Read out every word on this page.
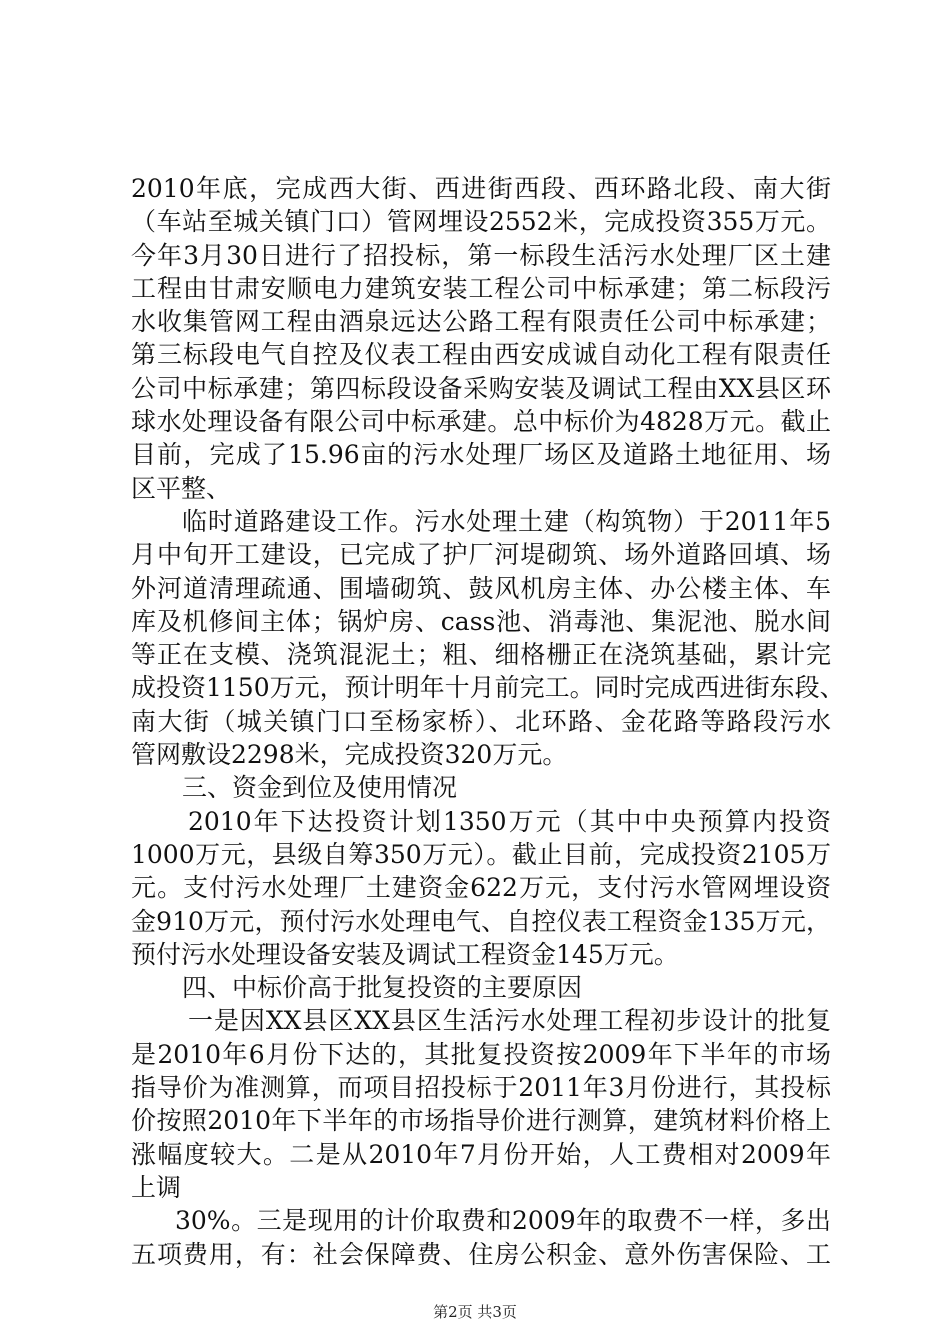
2010年底，完成西大街、西进街西段、西环路北段、南大街
（车站至城关镇门口）管网埋设2552米，完成投资355万元。
今年3月30日进行了招投标，第一标段生活污水处理厂区土建
工程由甘肃安顺电力建筑安装工程公司中标承建；第二标段污
水收集管网工程由酒泉远达公路工程有限责任公司中标承建；
第三标段电气自控及仪表工程由西安成诚自动化工程有限责任
公司中标承建；第四标段设备采购安装及调试工程由XX县区环
球水处理设备有限公司中标承建。总中标价为4828万元。截止
目前，完成了15.96亩的污水处理厂场区及道路土地征用、场
区平整、
临时道路建设工作。污水处理土建（构筑物）于2011年5
月中旬开工建设，已完成了护厂河堤砌筑、场外道路回填、场
外河道清理疏通、围墙砌筑、鼓风机房主体、办公楼主体、车
库及机修间主体；锅炉房、cass池、消毒池、集泥池、脱水间
等正在支模、浇筑混泥土；粗、细格栅正在浇筑基础，累计完
成投资1150万元，预计明年十月前完工。同时完成西进街东段、
南大街（城关镇门口至杨家桥）、北环路、金花路等路段污水
管网敷设2298米，完成投资320万元。
三、资金到位及使用情况
2010年下达投资计划1350万元（其中中央预算内投资
1000万元，县级自筹350万元）。截止目前，完成投资2105万
元。支付污水处理厂土建资金622万元，支付污水管网埋设资
金910万元，预付污水处理电气、自控仪表工程资金135万元，
预付污水处理设备安装及调试工程资金145万元。
四、中标价高于批复投资的主要原因
一是因XX县区XX县区生活污水处理工程初步设计的批复
是2010年6月份下达的，其批复投资按2009年下半年的市场
指导价为准测算，而项目招投标于2011年3月份进行，其投标
价按照2010年下半年的市场指导价进行测算，建筑材料价格上
涨幅度较大。二是从2010年7月份开始，人工费相对2009年
上调
30%。三是现用的计价取费和2009年的取费不一样，多出
五项费用，有：社会保障费、住房公积金、意外伤害保险、工
第2页 共3页
